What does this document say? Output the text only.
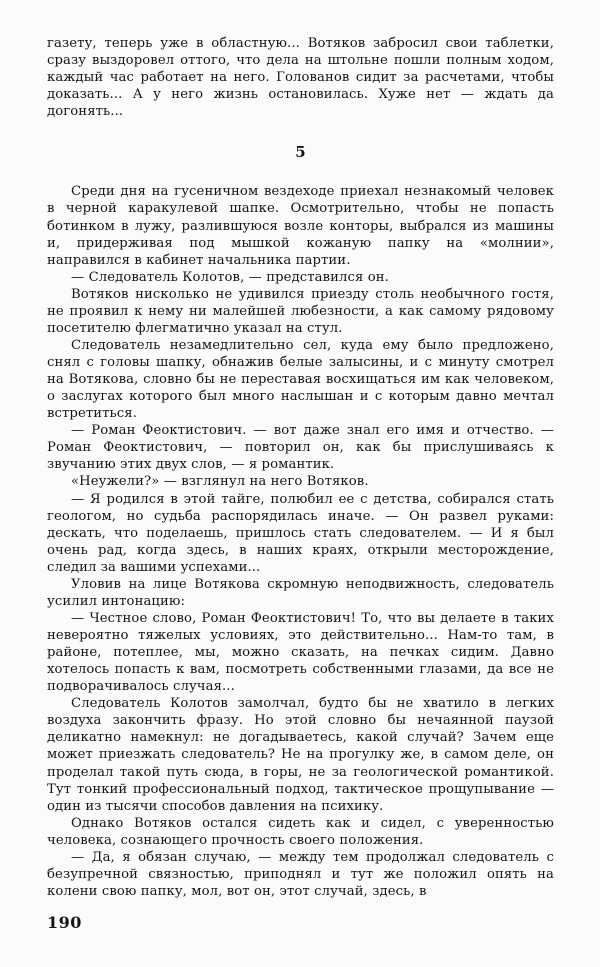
газету, теперь уже в областную... Вотяков забросил свои таблетки, сразу выздоровел оттого, что дела на штольне пошли полным ходом, каждый час работает на него. Голованов сидит за расчетами, чтобы доказать... А у него жизнь остановилась. Хуже нет — ждать да догонять...

5

Среди дня на гусеничном вездеходе приехал незнакомый человек в черной каракулевой шапке. Осмотрительно, чтобы не попасть ботинком в лужу, разлившуюся возле конторы, выбрался из машины и, придерживая под мышкой кожаную папку на «молнии», направился в кабинет начальника партии.

— Следователь Колотов, — представился он.

Вотяков нисколько не удивился приезду столь необычного гостя, не проявил к нему ни малейшей любезности, а как самому рядовому посетителю флегматично указал на стул.

Следователь незамедлительно сел, куда ему было предложено, снял с головы шапку, обнажив белые залысины, и с минуту смотрел на Вотякова, словно бы не переставая восхищаться им как человеком, о заслугах которого был много наслышан и с которым давно мечтал встретиться.

— Роман Феоктистович. — вот даже знал его имя и отчество. — Роман Феоктистович, — повторил он, как бы прислушиваясь к звучанию этих двух слов, — я романтик.

«Неужели?» — взглянул на него Вотяков.

— Я родился в этой тайге, полюбил ее с детства, собирался стать геологом, но судьба распорядилась иначе. — Он развел руками: дескать, что поделаешь, пришлось стать следователем. — И я был очень рад, когда здесь, в наших краях, открыли месторождение, следил за вашими успехами...

Уловив на лице Вотякова скромную неподвижность, следователь усилил интонацию:

— Честное слово, Роман Феоктистович! То, что вы делаете в таких невероятно тяжелых условиях, это действительно... Нам-то там, в районе, потеплее, мы, можно сказать, на печках сидим. Давно хотелось попасть к вам, посмотреть собственными глазами, да все не подворачивалось случая...

Следователь Колотов замолчал, будто бы не хватило в легких воздуха закончить фразу. Но этой словно бы нечаянной паузой деликатно намекнул: не догадываетесь, какой случай? Зачем еще может приезжать следователь? Не на прогулку же, в самом деле, он проделал такой путь сюда, в горы, не за геологической романтикой. Тут тонкий профессиональный подход, тактическое прощупывание — один из тысячи способов давления на психику.

Однако Вотяков остался сидеть как и сидел, с уверенностью человека, сознающего прочность своего положения.

— Да, я обязан случаю, — между тем продолжал следователь с безупречной связностью, приподнял и тут же положил опять на колени свою папку, мол, вот он, этот случай, здесь, в

190
